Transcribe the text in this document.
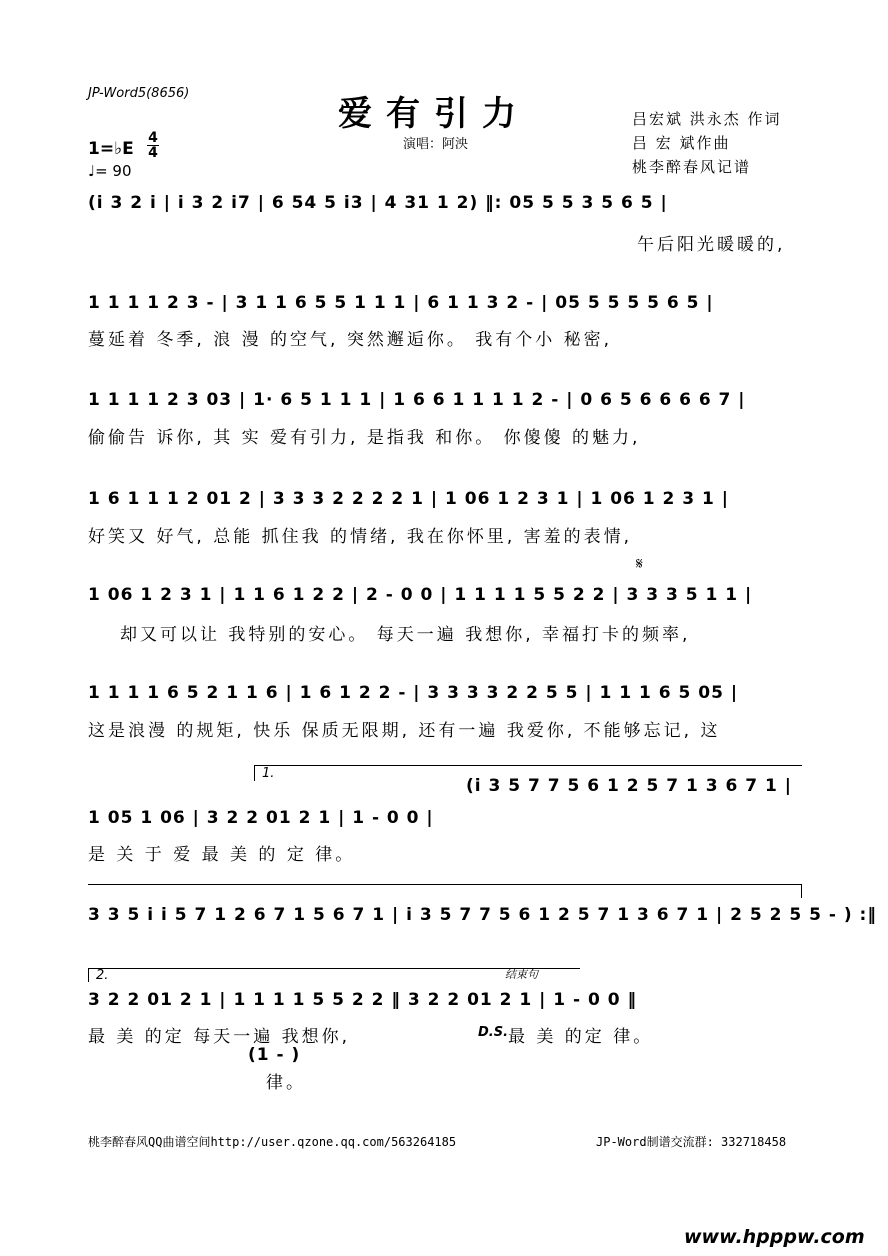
JP-Word5(8656)
爱有引力
演唱：阿泱
吕宏斌 洪永杰 作词
吕 宏 斌作曲
桃李醉春风记谱
1=♭E
4
4
♩= 90
(i 3 2 i | i 3 2 i7 | 6 54 5 i3 | 4 31 1 2) ‖: 05 5 5 3 5 6 5 |
午后阳光暖暖的,
1 1 1 1 2 3 - | 3 1 1 6 5 5 1 1 1 | 6 1 1 3 2 - | 05 5 5 5 5 6 5 |
蔓延着 冬季, 浪 漫 的空气, 突然邂逅你。 我有个小 秘密,
1 1 1 1 2 3 03 | 1· 6 5 1 1 1 | 1 6 6 1 1 1 1 2 - | 0 6 5 6 6 6 6 7 |
偷偷告 诉你, 其 实 爱有引力, 是指我 和你。 你傻傻 的魅力,
1 6 1 1 1 2 01 2 | 3 3 3 2 2 2 2 1 | 1 06 1 2 3 1 | 1 06 1 2 3 1 |
好笑又 好气, 总能 抓住我 的情绪, 我在你怀里, 害羞的表情,
𝄋
1 06 1 2 3 1 | 1 1 6 1 2 2 | 2 - 0 0 | 1 1 1 1 5 5 2 2 | 3 3 3 5 1 1 |
却又可以让 我特别的安心。 每天一遍 我想你, 幸福打卡的频率,
1 1 1 1 6 5 2 1 1 6 | 1 6 1 2 2 - | 3 3 3 3 2 2 5 5 | 1 1 1 6 5 05 |
这是浪漫 的规矩, 快乐 保质无限期, 还有一遍 我爱你, 不能够忘记, 这
1.
(i 3 5 7 7 5 6 1 2 5 7 1 3 6 7 1 |
1 05 1 06 | 3 2 2 01 2 1 | 1 - 0 0 |
是 关 于 爱 最 美 的 定 律。
3 3 5 i i 5 7 1 2 6 7 1 5 6 7 1 | i 3 5 7 7 5 6 1 2 5 7 1 3 6 7 1 | 2 5 2 5 5 - ) :‖
2.	结束句
3 2 2 01 2 1 | 1 1 1 1 5 5 2 2 ‖ 3 2 2 01 2 1 | 1 - 0 0 ‖
最 美 的定 每天一遍 我想你,	D.S. 最 美 的定 律。
(1 - )
律。
桃李醉春风QQ曲谱空间http://user.qzone.qq.com/563264185	JP-Word制谱交流群: 332718458
www.hpppw.com
